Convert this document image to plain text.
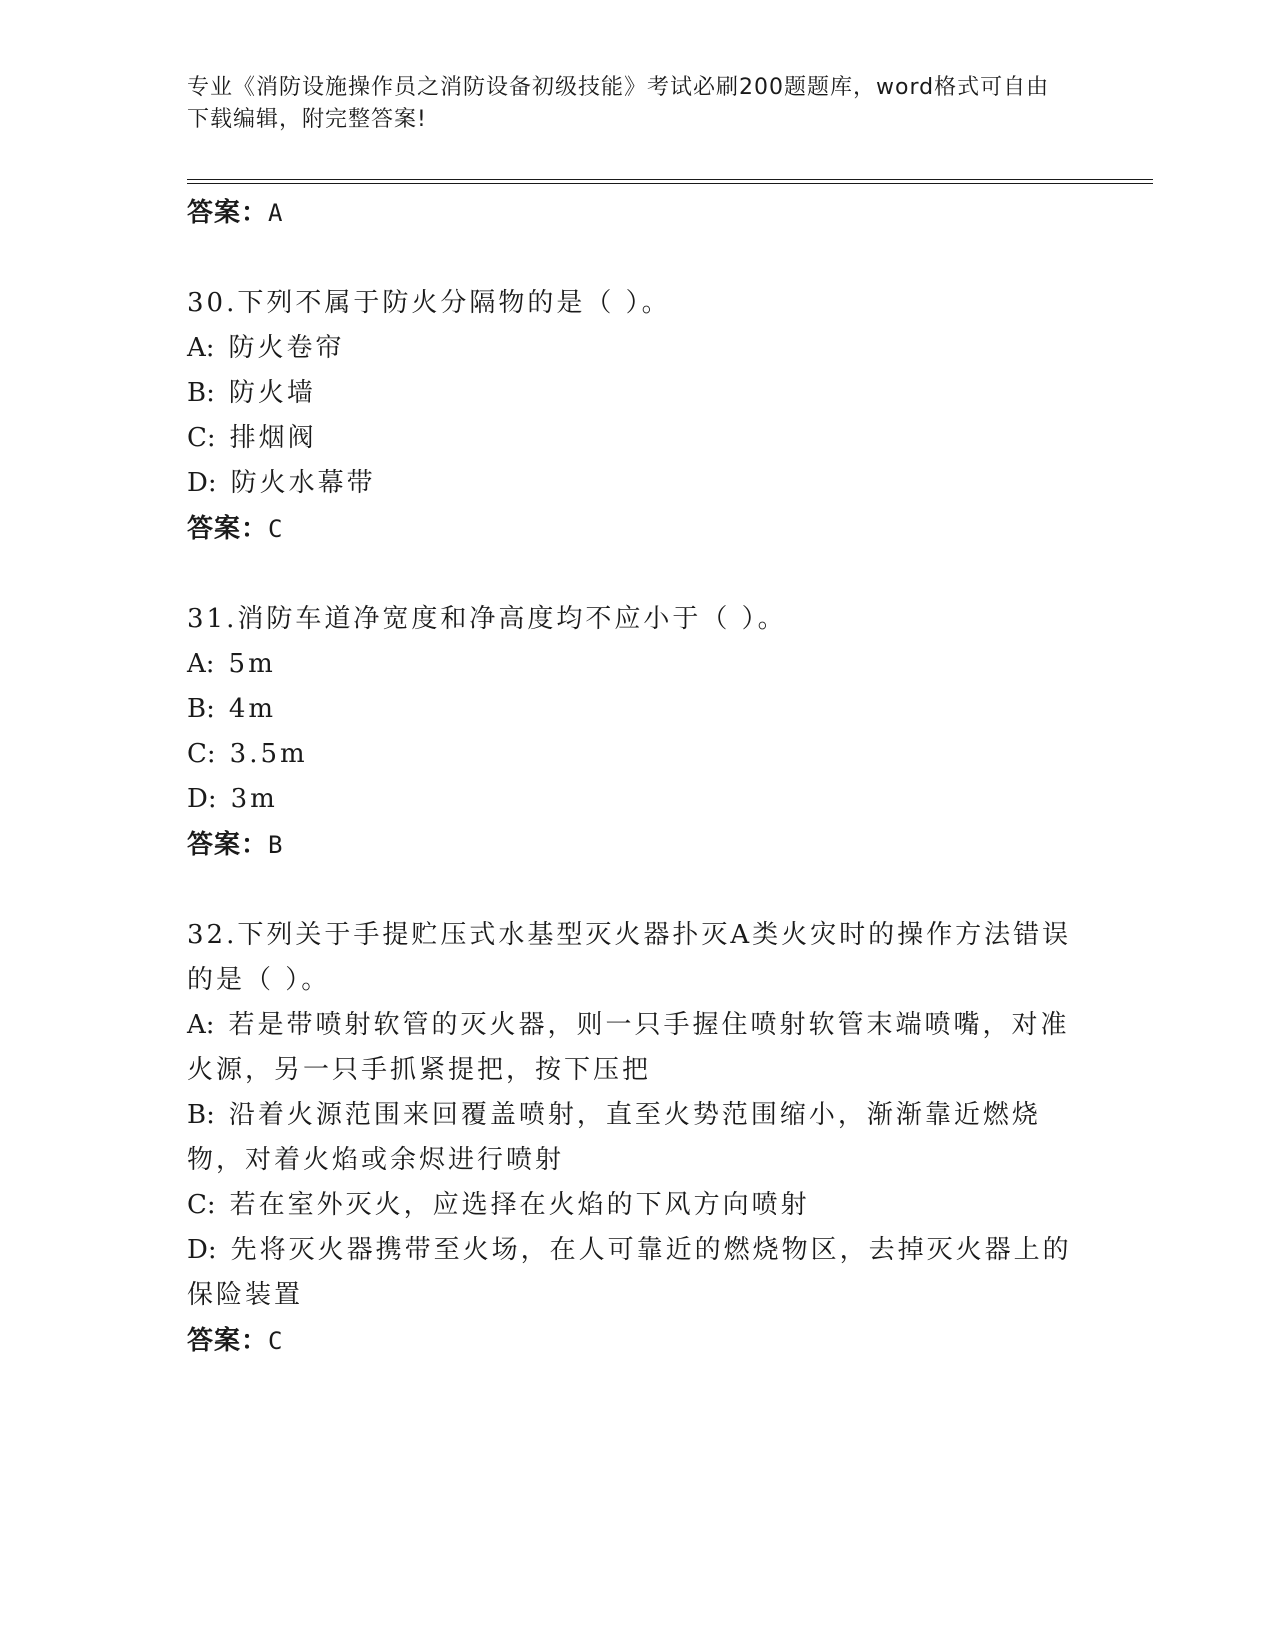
专业《消防设施操作员之消防设备初级技能》考试必刷200题题库，word格式可自由下载编辑，附完整答案!
答案：A
30.下列不属于防火分隔物的是（ ）。
A: 防火卷帘
B: 防火墙
C: 排烟阀
D: 防火水幕带
答案：C
31.消防车道净宽度和净高度均不应小于（ ）。
A: 5m
B: 4m
C: 3.5m
D: 3m
答案：B
32.下列关于手提贮压式水基型灭火器扑灭A类火灾时的操作方法错误的是（ ）。
A: 若是带喷射软管的灭火器，则一只手握住喷射软管末端喷嘴，对准火源，另一只手抓紧提把，按下压把
B: 沿着火源范围来回覆盖喷射，直至火势范围缩小，渐渐靠近燃烧物，对着火焰或余烬进行喷射
C: 若在室外灭火，应选择在火焰的下风方向喷射
D: 先将灭火器携带至火场，在人可靠近的燃烧物区，去掉灭火器上的保险装置
答案：C
